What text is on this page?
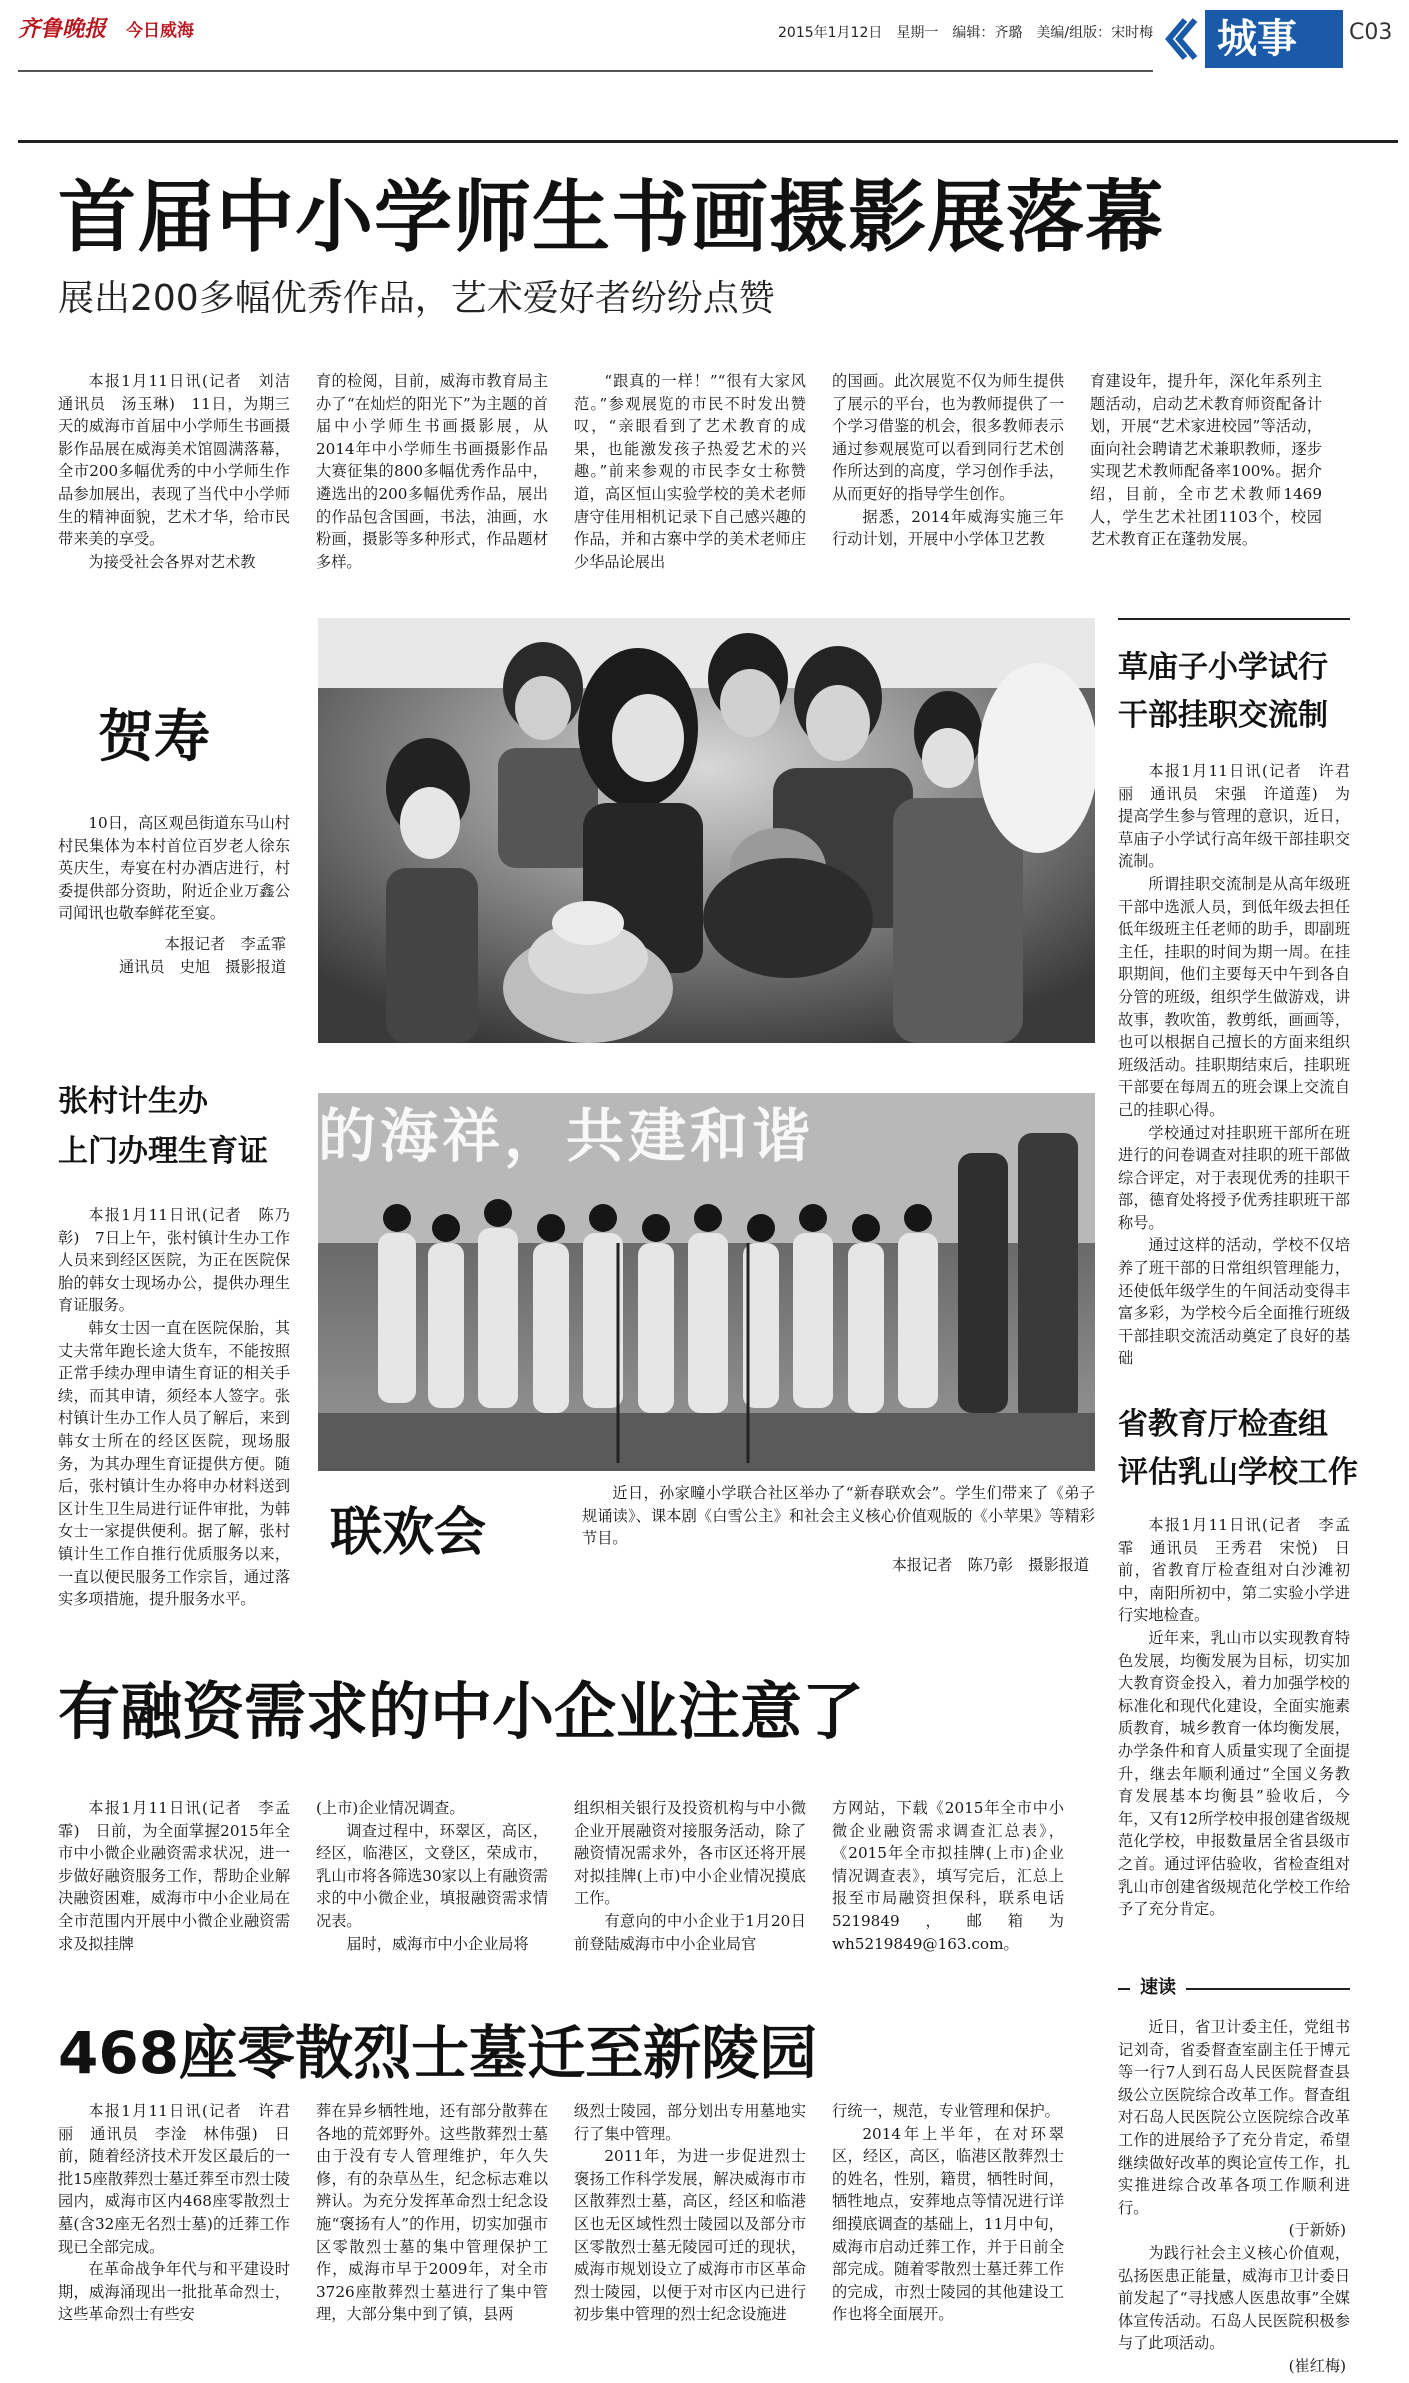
齐鲁晚报 今日威海	2015年1月12日　星期一　编辑：齐璐　美编/组版：宋时梅 城事 C03
首届中小学师生书画摄影展落幕
展出200多幅优秀作品，艺术爱好者纷纷点赞

本报1月11日讯(记者　刘洁　通讯员　汤玉琳)　11日，为期三天的威海市首届中小学师生书画摄影作品展在威海美术馆圆满落幕，全市200多幅优秀的中小学师生作品参加展出，表现了当代中小学师生的精神面貌，艺术才华，给市民带来美的享受。

为接受社会各界对艺术教

育的检阅，目前，威海市教育局主办了“在灿烂的阳光下”为主题的首届中小学师生书画摄影展，从2014年中小学师生书画摄影作品大赛征集的800多幅优秀作品中，遴选出的200多幅优秀作品，展出的作品包含国画，书法，油画，水粉画，摄影等多种形式，作品题材多样。

“跟真的一样！”“很有大家风范。”参观展览的市民不时发出赞叹，“亲眼看到了艺术教育的成果，也能激发孩子热爱艺术的兴趣。”前来参观的市民李女士称赞道，高区恒山实验学校的美术老师唐守佳用相机记录下自己感兴趣的作品，并和古寨中学的美术老师庄少华品论展出

的国画。此次展览不仅为师生提供了展示的平台，也为教师提供了一个学习借鉴的机会，很多教师表示通过参观展览可以看到同行艺术创作所达到的高度，学习创作手法，从而更好的指导学生创作。

据悉，2014年威海实施三年行动计划，开展中小学体卫艺教

育建设年，提升年，深化年系列主题活动，启动艺术教育师资配备计划，开展“艺术家进校园”等活动，面向社会聘请艺术兼职教师，逐步实现艺术教师配备率100%。据介绍，目前，全市艺术教师1469人，学生艺术社团1103个，校园艺术教育正在蓬勃发展。

贺寿

10日，高区观邑街道东马山村村民集体为本村首位百岁老人徐东英庆生，寿宴在村办酒店进行，村委提供部分资助，附近企业万鑫公司闻讯也敬奉鲜花至宴。

本报记者　李孟霏
通讯员　史旭　摄影报道
张村计生办
上门办理生育证

本报1月11日讯(记者　陈乃彰)　7日上午，张村镇计生办工作人员来到经区医院，为正在医院保胎的韩女士现场办公，提供办理生育证服务。

韩女士因一直在医院保胎，其丈夫常年跑长途大货车，不能按照正常手续办理申请生育证的相关手续，而其申请，须经本人签字。张村镇计生办工作人员了解后，来到韩女士所在的经区医院，现场服务，为其办理生育证提供方便。随后，张村镇计生办将申办材料送到区计生卫生局进行证件审批，为韩女士一家提供便利。据了解，张村镇计生工作自推行优质服务以来，一直以便民服务工作宗旨，通过落实多项措施，提升服务水平。

的海祥，共建和谐
联欢会

近日，孙家疃小学联合社区举办了“新春联欢会”。学生们带来了《弟子规诵读》、课本剧《白雪公主》和社会主义核心价值观版的《小苹果》等精彩节目。

本报记者　陈乃彰　摄影报道
草庙子小学试行
干部挂职交流制

本报1月11日讯(记者　许君丽　通讯员　宋强　许道莲)　为提高学生参与管理的意识，近日，草庙子小学试行高年级干部挂职交流制。

所谓挂职交流制是从高年级班干部中选派人员，到低年级去担任低年级班主任老师的助手，即副班主任，挂职的时间为期一周。在挂职期间，他们主要每天中午到各自分管的班级，组织学生做游戏，讲故事，教吹笛，教剪纸，画画等，也可以根据自己擅长的方面来组织班级活动。挂职期结束后，挂职班干部要在每周五的班会课上交流自己的挂职心得。

学校通过对挂职班干部所在班进行的问卷调查对挂职的班干部做综合评定，对于表现优秀的挂职干部，德育处将授予优秀挂职班干部称号。

通过这样的活动，学校不仅培养了班干部的日常组织管理能力，还使低年级学生的午间活动变得丰富多彩，为学校今后全面推行班级干部挂职交流活动奠定了良好的基础

省教育厅检查组
评估乳山学校工作

本报1月11日讯(记者　李孟霏　通讯员　王秀君　宋悦)　日前，省教育厅检查组对白沙滩初中，南阳所初中，第二实验小学进行实地检查。

近年来，乳山市以实现教育特色发展，均衡发展为目标，切实加大教育资金投入，着力加强学校的标准化和现代化建设，全面实施素质教育，城乡教育一体均衡发展，办学条件和育人质量实现了全面提升，继去年顺利通过“全国义务教育发展基本均衡县”验收后，今年，又有12所学校申报创建省级规范化学校，申报数量居全省县级市之首。通过评估验收，省检查组对乳山市创建省级规范化学校工作给予了充分肯定。

速读

近日，省卫计委主任，党组书记刘奇，省委督查室副主任于博元等一行7人到石岛人民医院督查县级公立医院综合改革工作。督查组对石岛人民医院公立医院综合改革工作的进展给予了充分肯定，希望继续做好改革的舆论宣传工作，扎实推进综合改革各项工作顺利进行。

(于新娇)

为践行社会主义核心价值观，弘扬医患正能量，威海市卫计委日前发起了“寻找感人医患故事”全媒体宣传活动。石岛人民医院积极参与了此项活动。

(崔红梅)
有融资需求的中小企业注意了

本报1月11日讯(记者　李孟霏)　日前，为全面掌握2015年全市中小微企业融资需求状况，进一步做好融资服务工作，帮助企业解决融资困难，威海市中小企业局在全市范围内开展中小微企业融资需求及拟挂牌

(上市)企业情况调查。

调查过程中，环翠区，高区，经区，临港区，文登区，荣成市，乳山市将各筛选30家以上有融资需求的中小微企业，填报融资需求情况表。

届时，威海市中小企业局将

组织相关银行及投资机构与中小微企业开展融资对接服务活动，除了融资情况需求外，各市区还将开展对拟挂牌(上市)中小企业情况摸底工作。

有意向的中小企业于1月20日前登陆威海市中小企业局官

方网站，下载《2015年全市中小微企业融资需求调查汇总表》，《2015年全市拟挂牌(上市)企业情况调查表》，填写完后，汇总上报至市局融资担保科，联系电话 5219849，邮箱为 wh5219849@163.com。

468座零散烈士墓迁至新陵园

本报1月11日讯(记者　许君丽　通讯员　李淦　林伟强)　日前，随着经济技术开发区最后的一批15座散葬烈士墓迁葬至市烈士陵园内，威海市区内468座零散烈士墓(含32座无名烈士墓)的迁葬工作现已全部完成。

在革命战争年代与和平建设时期，威海涌现出一批批革命烈士，这些革命烈士有些安

葬在异乡牺牲地，还有部分散葬在各地的荒郊野外。这些散葬烈士墓由于没有专人管理维护，年久失修，有的杂草丛生，纪念标志难以辨认。为充分发挥革命烈士纪念设施“褒扬有人”的作用，切实加强市区零散烈士墓的集中管理保护工作，威海市早于2009年，对全市3726座散葬烈士墓进行了集中管理，大部分集中到了镇，县两

级烈士陵园，部分划出专用墓地实行了集中管理。

2011年，为进一步促进烈士褒扬工作科学发展，解决威海市市区散葬烈士墓，高区，经区和临港区也无区域性烈士陵园以及部分市区零散烈士墓无陵园可迁的现状，威海市规划设立了威海市市区革命烈士陵园，以便于对市区内已进行初步集中管理的烈士纪念设施进

行统一，规范，专业管理和保护。

2014年上半年，在对环翠区，经区，高区，临港区散葬烈士的姓名，性别，籍贯，牺牲时间，牺牲地点，安葬地点等情况进行详细摸底调查的基础上，11月中旬，威海市启动迁葬工作，并于日前全部完成。随着零散烈士墓迁葬工作的完成，市烈士陵园的其他建设工作也将全面展开。
